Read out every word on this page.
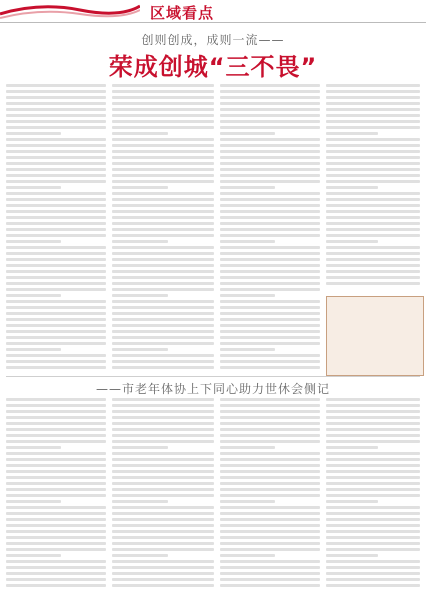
区域看点
创则创成，成则一流——
荣成创城“三不畏”
——市老年体协上下同心助力世休会侧记
